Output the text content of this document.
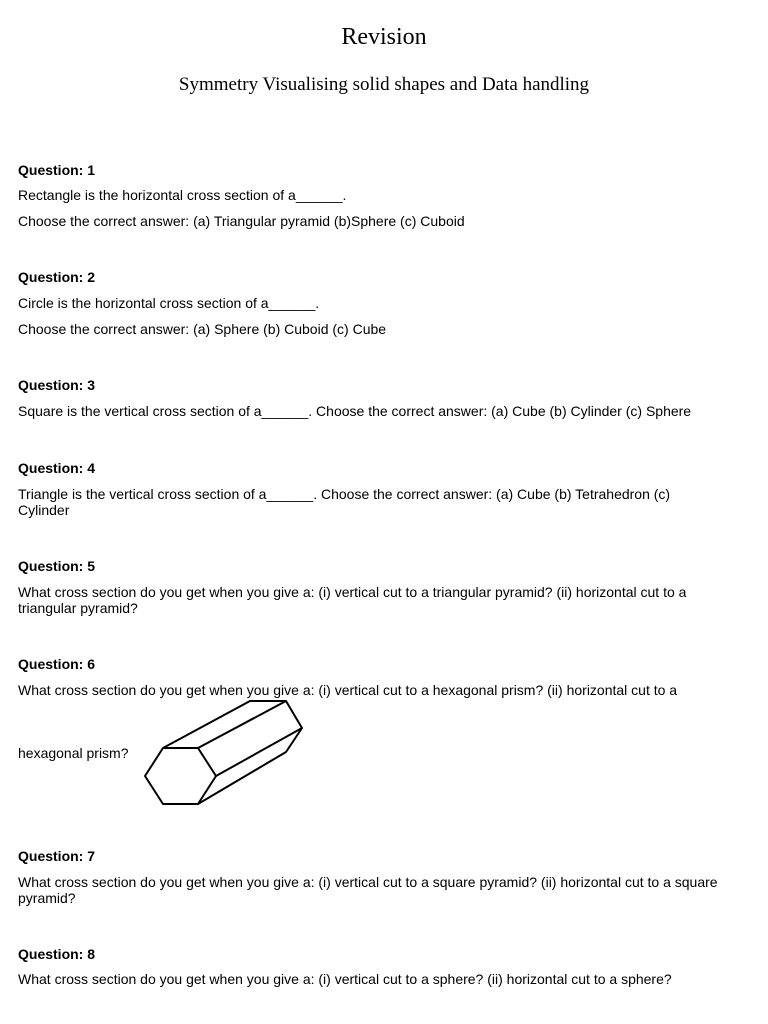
Revision
Symmetry Visualising solid shapes and Data handling

Question: 1

Rectangle is the horizontal cross section of a______.

Choose the correct answer: (a) Triangular pyramid (b)Sphere (c) Cuboid

Question: 2

Circle is the horizontal cross section of a______.

Choose the correct answer: (a) Sphere (b) Cuboid (c) Cube

Question: 3

Square is the vertical cross section of a______. Choose the correct answer: (a) Cube (b) Cylinder (c) Sphere

Question: 4

Triangle is the vertical cross section of a______. Choose the correct answer: (a) Cube (b) Tetrahedron (c) Cylinder

Question: 5

What cross section do you get when you give a: (i) vertical cut to a triangular pyramid? (ii) horizontal cut to a triangular pyramid?

Question: 6

What cross section do you get when you give a: (i) vertical cut to a hexagonal prism? (ii) horizontal cut to a

hexagonal prism?

Question: 7

What cross section do you get when you give a: (i) vertical cut to a square pyramid? (ii) horizontal cut to a square pyramid?

Question: 8

What cross section do you get when you give a: (i) vertical cut to a sphere? (ii) horizontal cut to a sphere?
